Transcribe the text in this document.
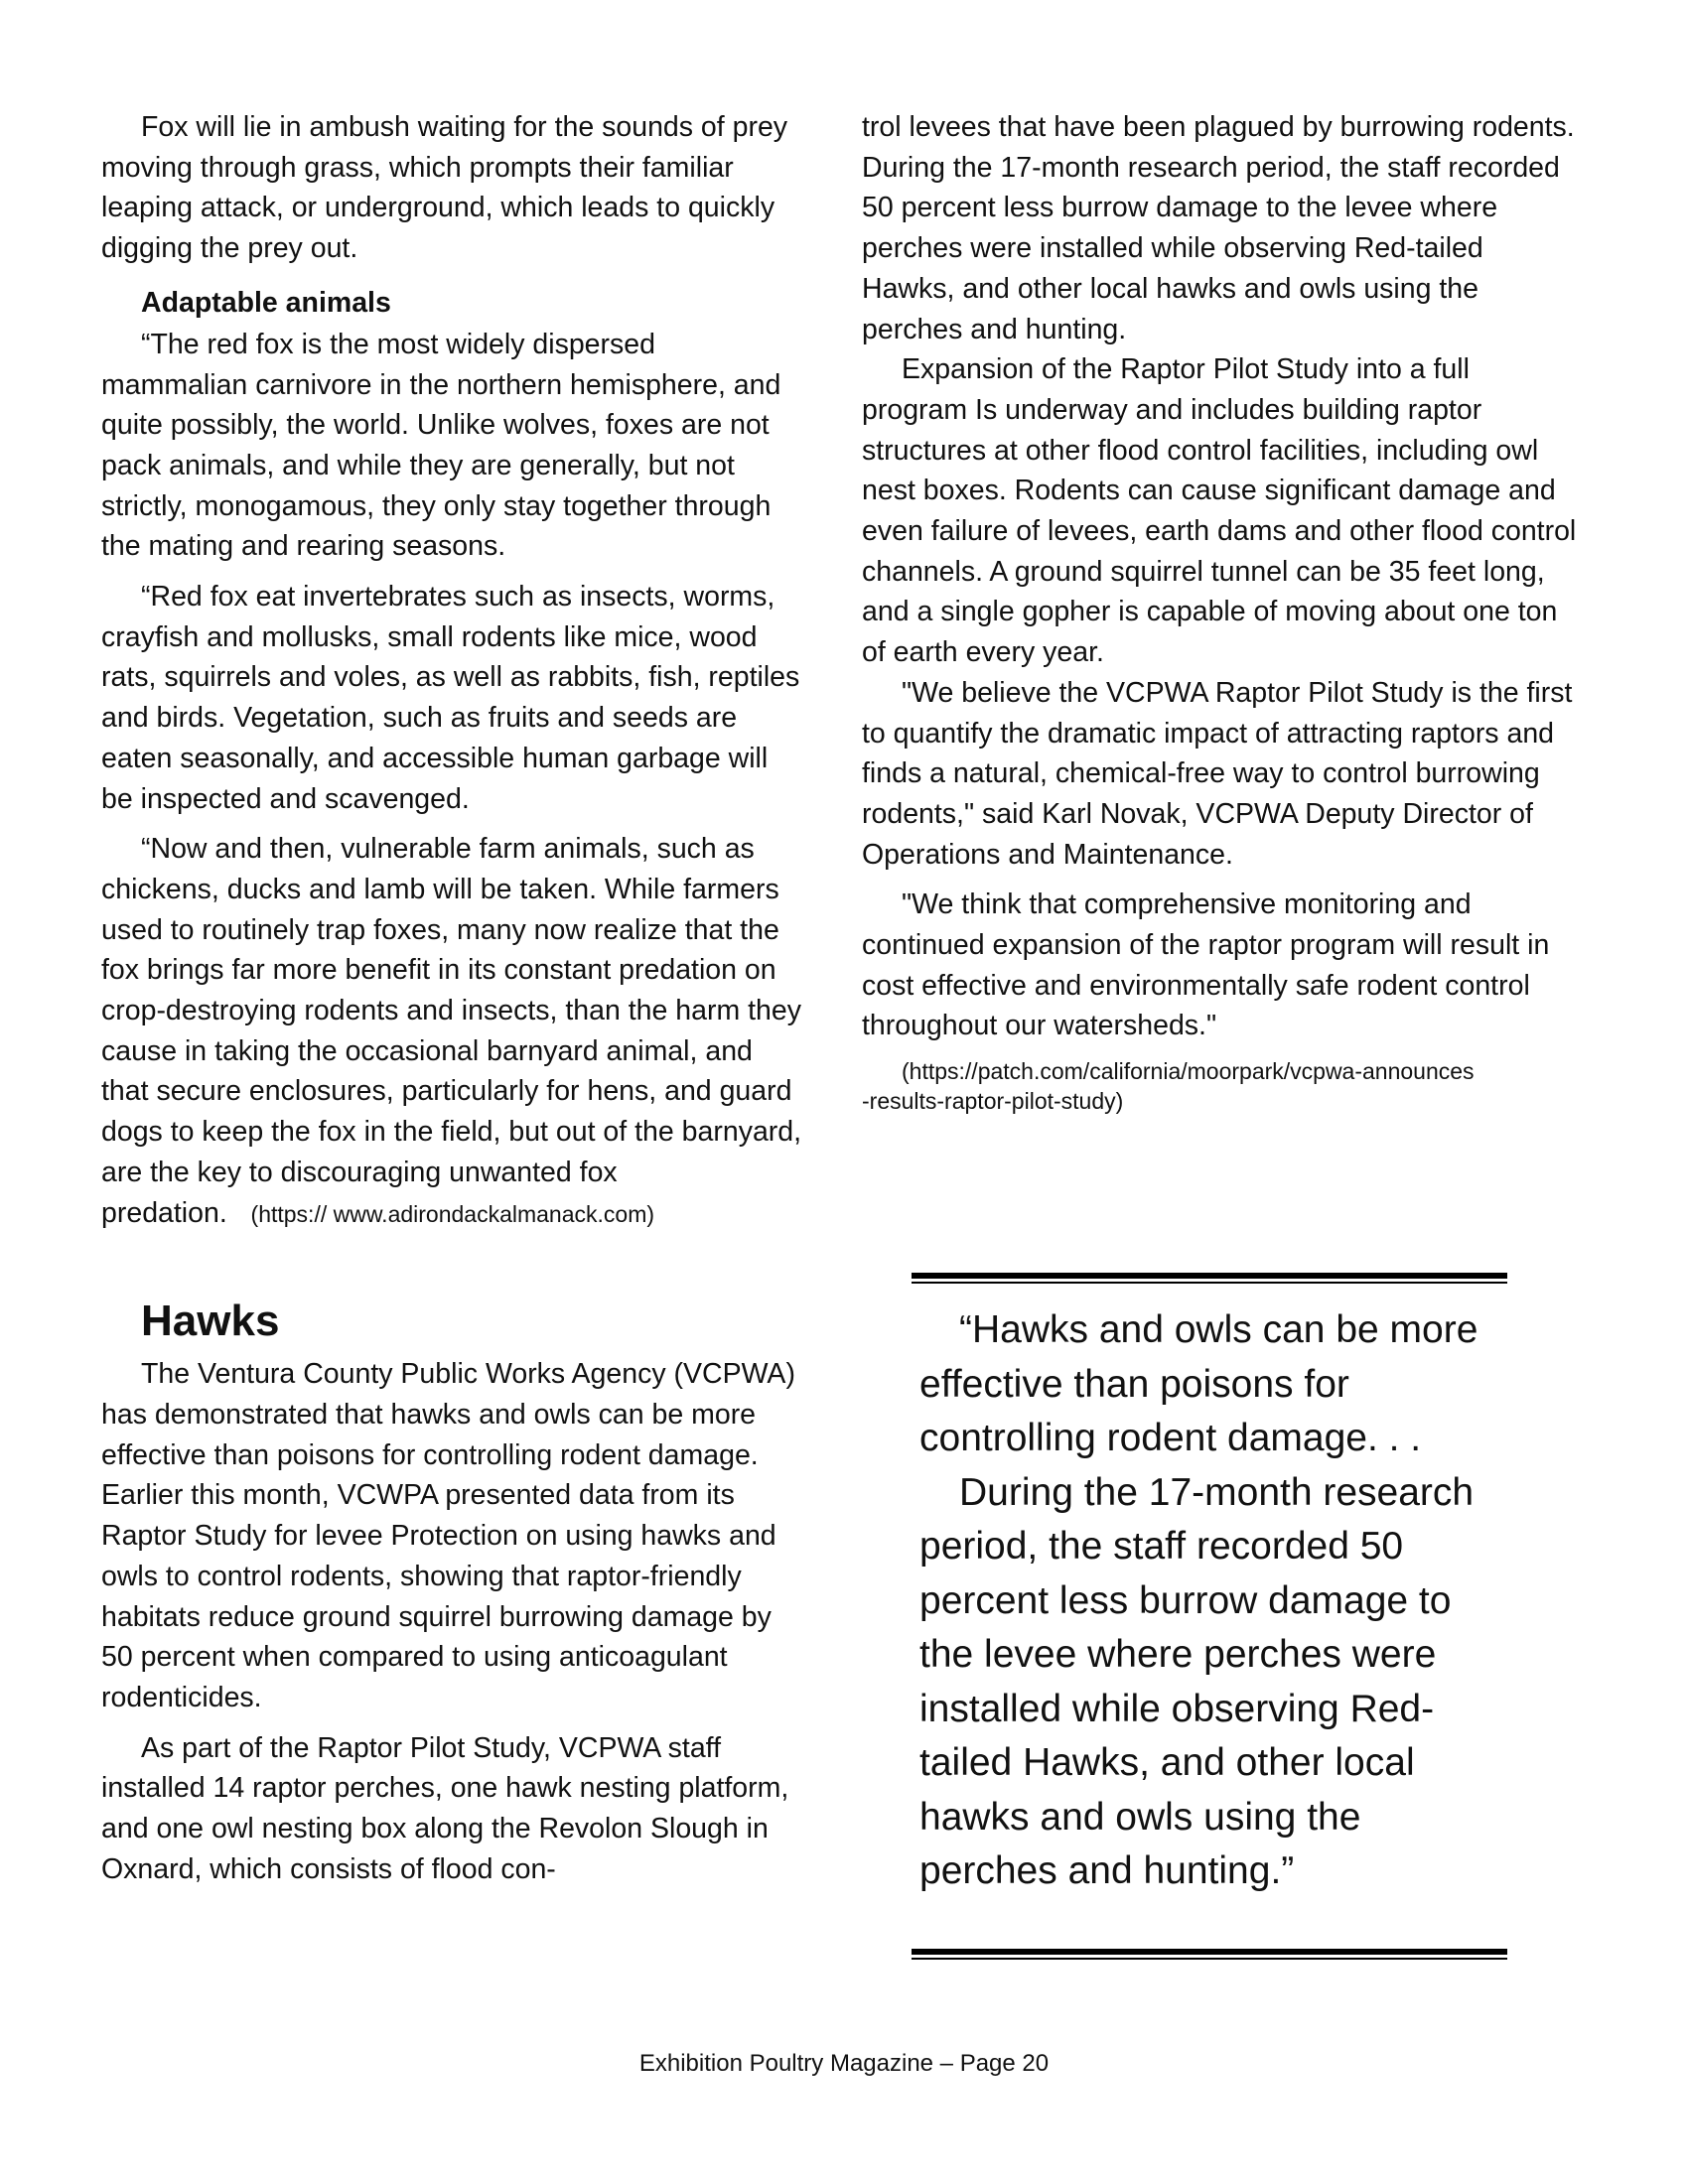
Fox will lie in ambush waiting for the sounds of prey moving through grass, which prompts their familiar leaping attack, or underground, which leads to quickly digging the prey out.

Adaptable animals

“The red fox is the most widely dispersed mammalian carnivore in the northern hemisphere, and quite possibly, the world. Unlike wolves, foxes are not pack animals, and while they are generally, but not strictly, monogamous, they only stay together through the mating and rearing seasons.

“Red fox eat invertebrates such as insects, worms, crayfish and mollusks, small rodents like mice, wood rats, squirrels and voles, as well as rabbits, fish, reptiles and birds. Vegetation, such as fruits and seeds are eaten seasonally, and accessible human garbage will be inspected and scavenged.

“Now and then, vulnerable farm animals, such as chickens, ducks and lamb will be taken. While farmers used to routinely trap foxes, many now realize that the fox brings far more benefit in its constant predation on crop-destroying rodents and insects, than the harm they cause in taking the occasional barnyard animal, and that secure enclosures, particularly for hens, and guard dogs to keep the fox in the field, but out of the barnyard, are the key to discouraging unwanted fox predation. (https:// www.adirondackalmanack.com)

Hawks

The Ventura County Public Works Agency (VCPWA) has demonstrated that hawks and owls can be more effective than poisons for controlling rodent damage. Earlier this month, VCWPA presented data from its Raptor Study for levee Protection on using hawks and owls to control rodents, showing that raptor-friendly habitats reduce ground squirrel burrowing damage by 50 percent when compared to using anticoagulant rodenticides.

As part of the Raptor Pilot Study, VCPWA staff installed 14 raptor perches, one hawk nesting platform, and one owl nesting box along the Revolon Slough in Oxnard, which consists of flood con-

trol levees that have been plagued by burrowing rodents. During the 17-month research period, the staff recorded 50 percent less burrow damage to the levee where perches were installed while observing Red-tailed Hawks, and other local hawks and owls using the perches and hunting.

Expansion of the Raptor Pilot Study into a full program Is underway and includes building raptor structures at other flood control facilities, including owl nest boxes. Rodents can cause significant damage and even failure of levees, earth dams and other flood control channels. A ground squirrel tunnel can be 35 feet long, and a single gopher is capable of moving about one ton of earth every year.

"We believe the VCPWA Raptor Pilot Study is the first to quantify the dramatic impact of attracting raptors and finds a natural, chemical-free way to control burrowing rodents," said Karl Novak, VCPWA Deputy Director of Operations and Maintenance.

"We think that comprehensive monitoring and continued expansion of the raptor program will result in cost effective and environmentally safe rodent control throughout our watersheds."

(https://patch.com/california/moorpark/vcpwa-announces
-results-raptor-pilot-study)

“Hawks and owls can be more effective than poisons for controlling rodent damage. . .

During the 17-month research period, the staff recorded 50 percent less burrow damage to the levee where perches were installed while observing Red-tailed Hawks, and other local hawks and owls using the perches and hunting.”

Exhibition Poultry Magazine – Page 20
